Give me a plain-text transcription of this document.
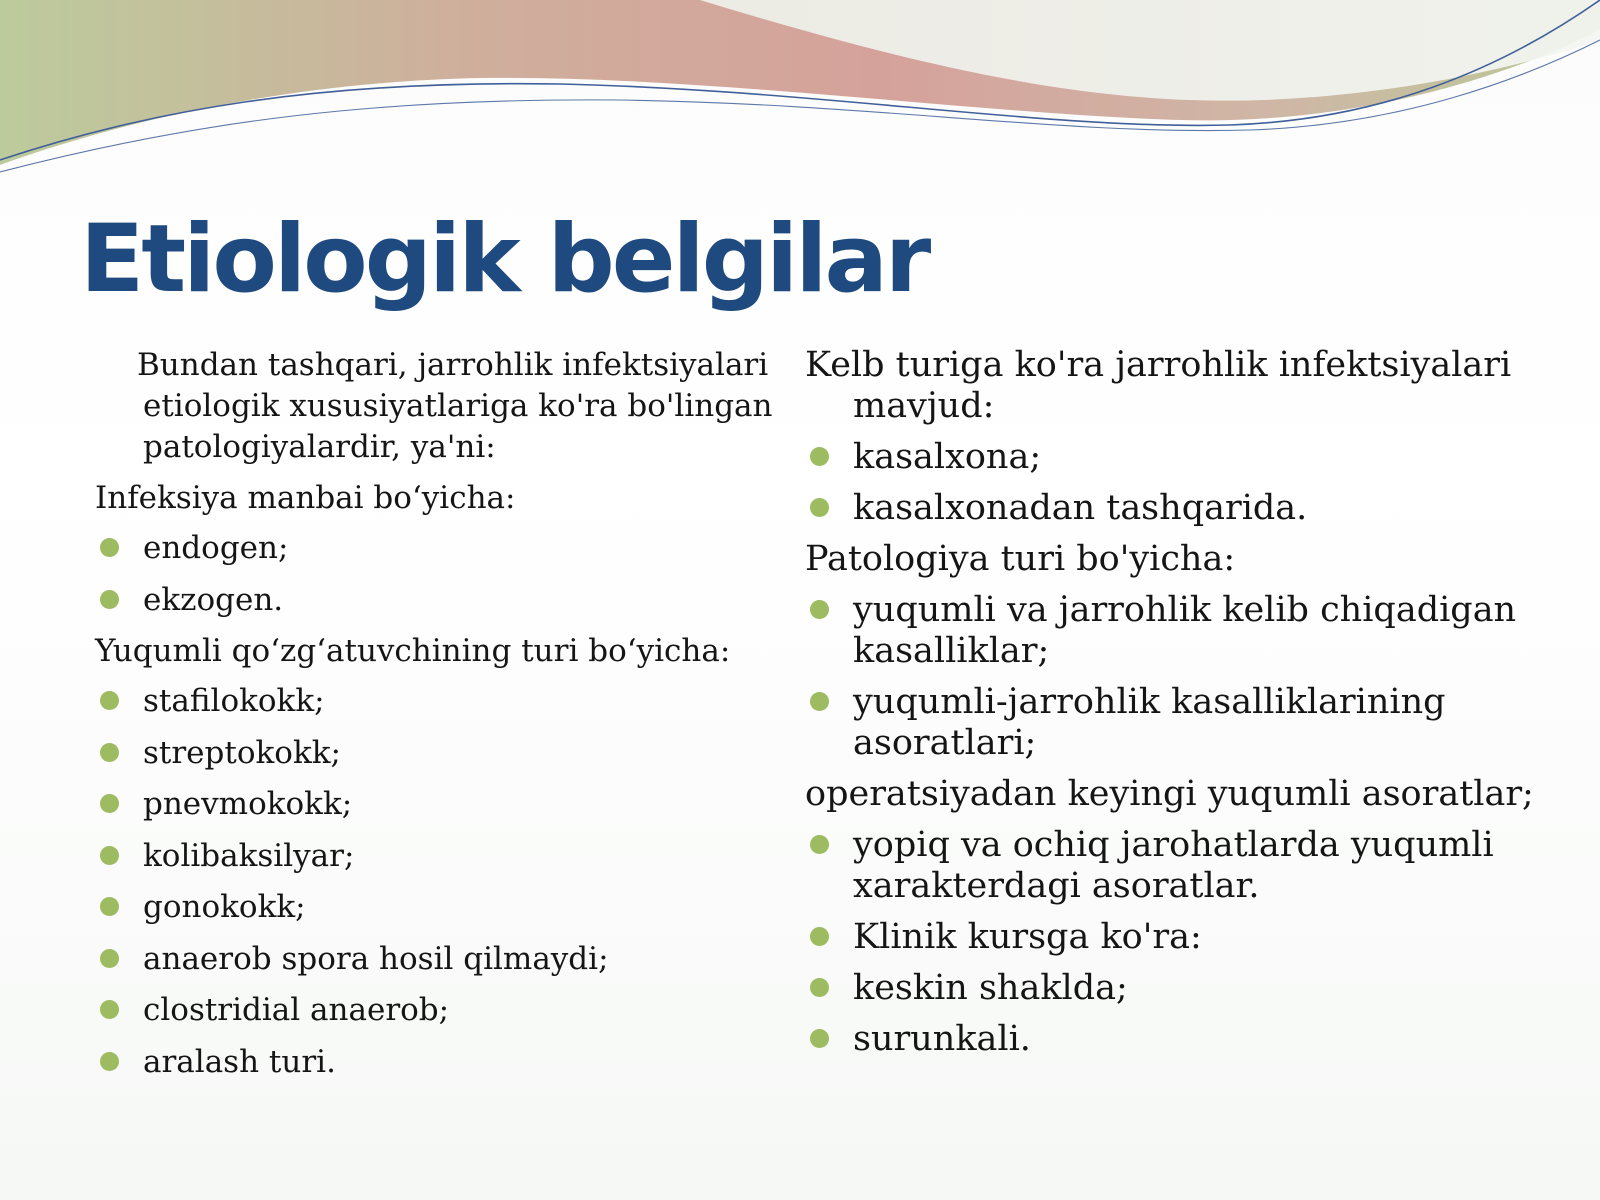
Etiologik belgilar

Bundan tashqari, jarrohlik infektsiyalari etiologik xususiyatlariga ko'ra bo'lingan patologiyalardir, ya'ni:

Infeksiya manbai bo‘yicha:

endogen;
ekzogen.

Yuqumli qo‘zg‘atuvchining turi bo‘yicha:

stafilokokk;
streptokokk;
pnevmokokk;
kolibaksilyar;
gonokokk;
anaerob spora hosil qilmaydi;
clostridial anaerob;
aralash turi.

Kelb turiga ko'ra jarrohlik infektsiyalari mavjud:

kasalxona;
kasalxonadan tashqarida.

Patologiya turi bo'yicha:

yuqumli va jarrohlik kelib chiqadigan kasalliklar;
yuqumli-jarrohlik kasalliklarining asoratlari;

operatsiyadan keyingi yuqumli asoratlar;

yopiq va ochiq jarohatlarda yuqumli xarakterdagi asoratlar.
Klinik kursga ko'ra:
keskin shaklda;
surunkali.
